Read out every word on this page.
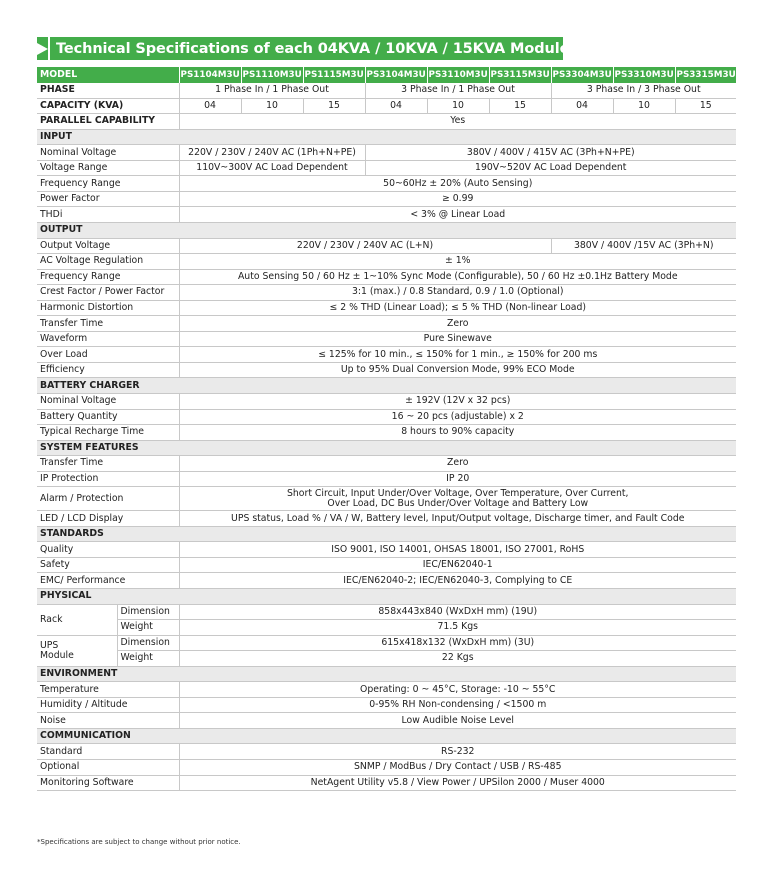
Technical Specifications of each 04KVA / 10KVA / 15KVA Module (3U)
MODEL		PS1104M3U	PS1110M3U	PS1115M3U	PS3104M3U	PS3110M3U	PS3115M3U	PS3304M3U	PS3310M3U	PS3315M3U
PHASE		1 Phase In / 1 Phase Out			3 Phase In / 1 Phase Out			3 Phase In / 3 Phase Out		
CAPACITY (KVA)		04	10	15	04	10	15	04	10	15
PARALLEL CAPABILITY		Yes								
INPUT										
Nominal Voltage		220V / 230V / 240V AC (1Ph+N+PE)			380V / 400V / 415V AC (3Ph+N+PE)					
Voltage Range		110V~300V AC Load Dependent			190V~520V AC Load Dependent					
Frequency Range		50~60Hz ± 20% (Auto Sensing)								
Power Factor		≥ 0.99								
THDi		< 3% @ Linear Load								
OUTPUT										
Output Voltage		220V / 230V / 240V AC (L+N)						380V / 400V /15V AC (3Ph+N)		
AC Voltage Regulation		± 1%								
Frequency Range		Auto Sensing 50 / 60 Hz ± 1~10% Sync Mode (Configurable), 50 / 60 Hz ±0.1Hz Battery Mode								
Crest Factor / Power Factor		3:1 (max.) / 0.8 Standard, 0.9 / 1.0 (Optional)								
Harmonic Distortion		≤ 2 % THD (Linear Load); ≤ 5 % THD (Non-linear Load)								
Transfer Time		Zero								
Waveform		Pure Sinewave								
Over Load		≤ 125% for 10 min., ≤ 150% for 1 min., ≥ 150% for 200 ms								
Efficiency		Up to 95% Dual Conversion Mode, 99% ECO Mode								
BATTERY CHARGER										
Nominal Voltage		± 192V (12V x 32 pcs)								
Battery Quantity		16 ~ 20 pcs (adjustable) x 2								
Typical Recharge Time		8 hours to 90% capacity								
SYSTEM FEATURES										
Transfer Time		Zero								
IP Protection		IP 20								
Alarm / Protection		Short Circuit, Input Under/Over Voltage, Over Temperature, Over Current,
Over Load, DC Bus Under/Over Voltage and Battery Low								

LED / LCD Display		UPS status, Load % / VA / W, Battery level, Input/Output voltage, Discharge timer, and Fault Code								
STANDARDS										
Quality		ISO 9001, ISO 14001, OHSAS 18001, ISO 27001, RoHS								
Safety		IEC/EN62040-1								
EMC/ Performance		IEC/EN62040-2; IEC/EN62040-3, Complying to CE								
PHYSICAL										
Rack	Dimension	858x443x840 (WxDxH mm) (19U)								
	Weight	71.5 Kgs								

UPS
Module	Dimension	615x418x132 (WxDxH mm) (3U)								
	Weight	22 Kgs								
ENVIRONMENT										
Temperature		Operating: 0 ~ 45°C, Storage: -10 ~ 55°C								
Humidity / Altitude		0-95% RH Non-condensing / <1500 m								
Noise		Low Audible Noise Level								
COMMUNICATION										
Standard		RS-232								
Optional		SNMP / ModBus / Dry Contact / USB / RS-485								
Monitoring Software		NetAgent Utility v5.8 / View Power / UPSilon 2000 / Muser 4000								
*Specifications are subject to change without prior notice.
